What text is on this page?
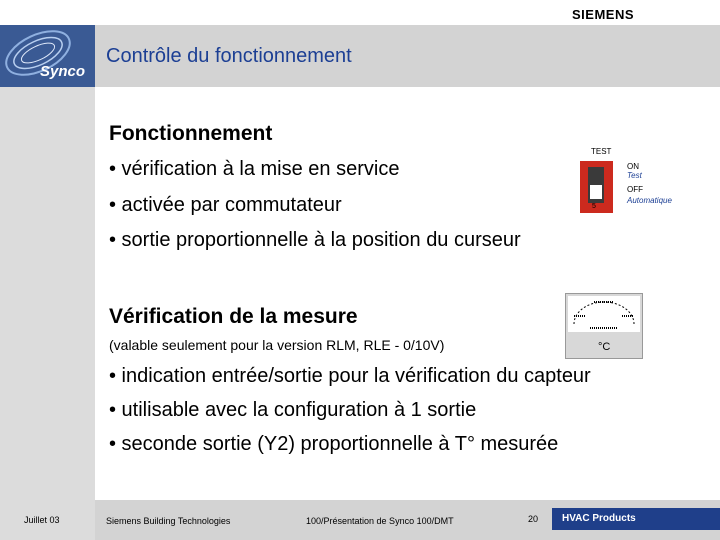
SIEMENS
Synco
Contrôle du fonctionnement
Fonctionnement
• vérification à la mise en service
• activée par commutateur
• sortie proportionnelle à la position du curseur
TEST
5
ON
Test
OFF
Automatique
Vérification de la mesure
(valable seulement pour la version RLM, RLE - 0/10V)
• indication entrée/sortie pour la vérification du capteur
• utilisable avec la configuration à 1 sortie
• seconde sortie (Y2) proportionnelle à T° mesurée
°C
Juillet 03	Siemens Building Technologies	100/Présentation de Synco 100/DMT	20 HVAC Products
